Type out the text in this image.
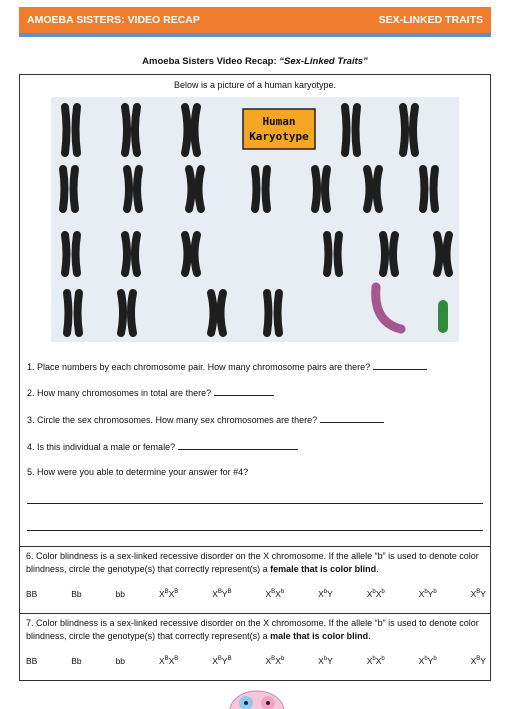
AMOEBA SISTERS: VIDEO RECAP	SEX-LINKED TRAITS
Amoeba Sisters Video Recap: “Sex-Linked Traits”
Below is a picture of a human karyotype.
Human
Karyotype
1. Place numbers by each chromosome pair. How many chromosome pairs are there?
2. How many chromosomes in total are there?
3. Circle the sex chromosomes. How many sex chromosomes are there?
4. Is this individual a male or female?
5. How were you able to determine your answer for #4?
6. Color blindness is a sex-linked recessive disorder on the X chromosome. If the allele “b” is used to denote color blindness, circle the genotype(s) that correctly represent(s) a female that is color blind.
BB	Bb	bb	$X^BX^B$	$X^BY^B$	$X^BX^b$	$X^bY$	$X^bX^b$	$X^bY^b$	$X^BY$
7. Color blindness is a sex-linked recessive disorder on the X chromosome. If the allele “b” is used to denote color blindness, circle the genotype(s) that correctly represent(s) a male that is color blind.
BB	Bb	bb	$X^BX^B$	$X^BY^B$	$X^BX^b$	$X^bY$	$X^bX^b$	$X^bY^b$	$X^BY$
